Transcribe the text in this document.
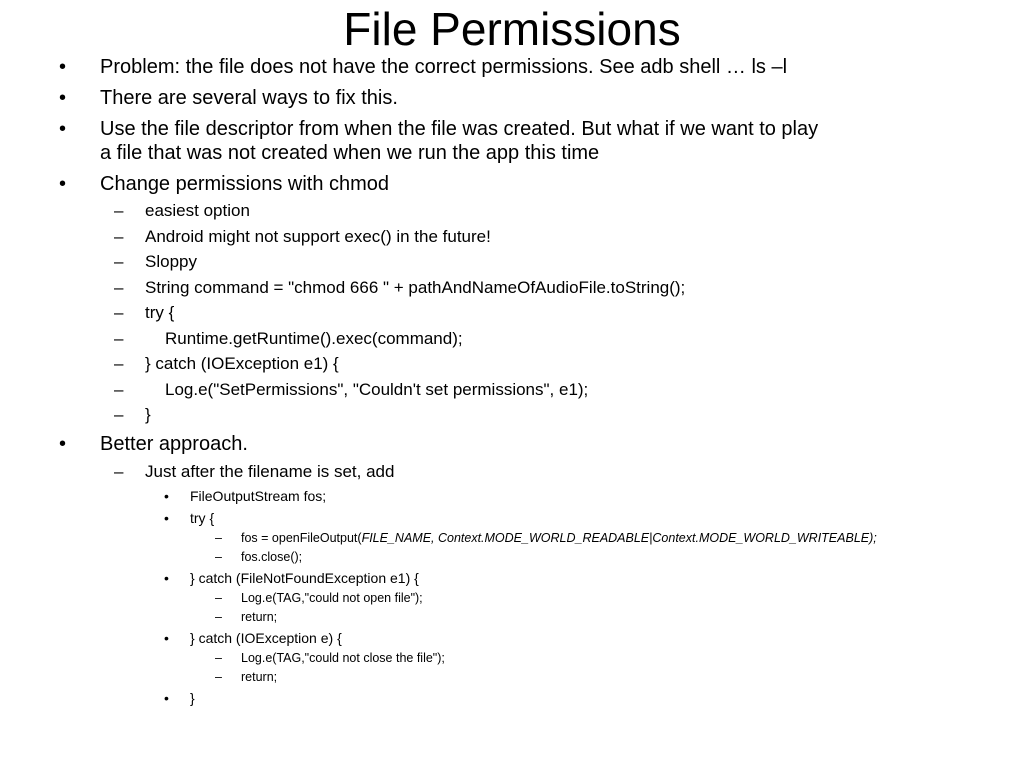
File Permissions
• Problem: the file does not have the correct permissions. See adb shell … ls –l
• There are several ways to fix this.
• Use the file descriptor from when the file was created. But what if we want to play
a file that was not created when we run the app this time
• Change permissions with chmod
– easiest option
– Android might not support exec() in the future!
– Sloppy
– String command = "chmod 666 " + pathAndNameOfAudioFile.toString();
– try {
– Runtime.getRuntime().exec(command);
– } catch (IOException e1) {
– Log.e("SetPermissions", "Couldn't set permissions", e1);
– }
• Better approach.
– Just after the filename is set, add
• FileOutputStream fos;
• try {
– fos = openFileOutput(FILE_NAME, Context.MODE_WORLD_READABLE|Context.MODE_WORLD_WRITEABLE);
– fos.close();
• } catch (FileNotFoundException e1) {
– Log.e(TAG,"could not open file");
– return;
• } catch (IOException e) {
– Log.e(TAG,"could not close the file");
– return;
• }
